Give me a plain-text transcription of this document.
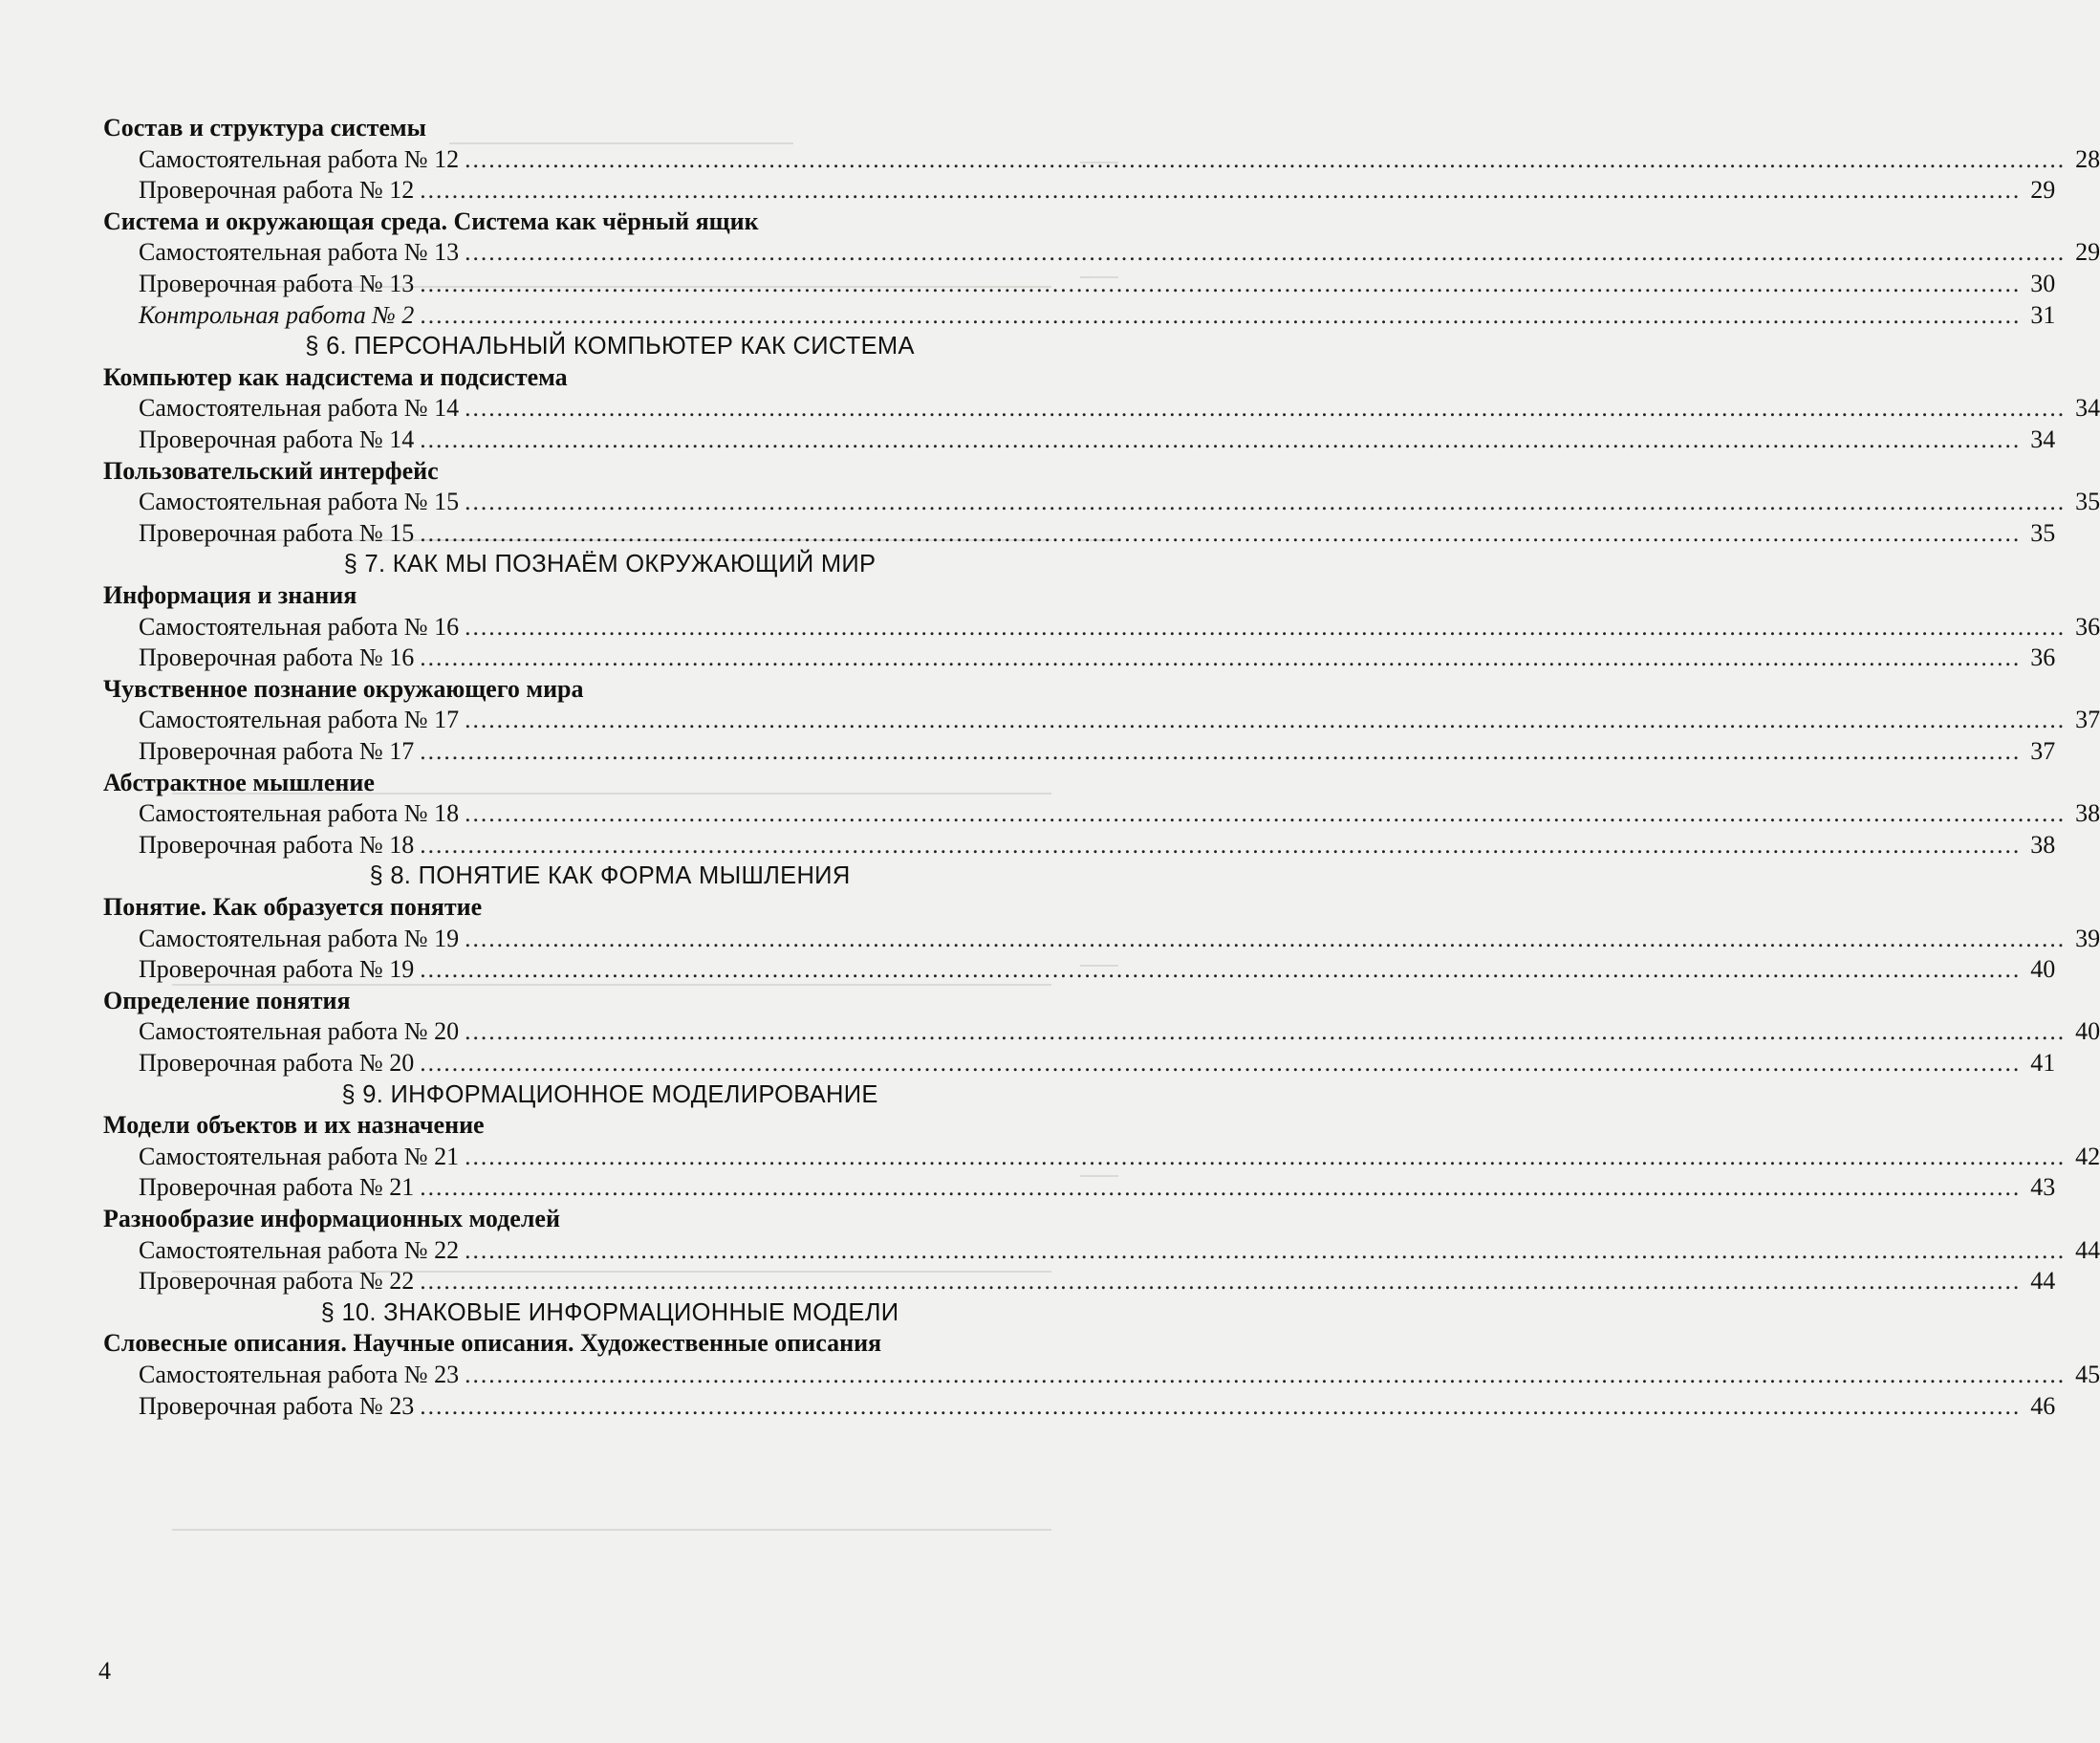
Состав и структура системы
Самостоятельная работа № 12 ........................................................................................................................................................................................................ 28
Проверочная работа № 12 ........................................................................................................................................................................................................ 29
Система и окружающая среда. Система как чёрный ящик
Самостоятельная работа № 13 ........................................................................................................................................................................................................ 29
Проверочная работа № 13 ........................................................................................................................................................................................................ 30
Контрольная работа № 2 ........................................................................................................................................................................................................ 31
§ 6. ПЕРСОНАЛЬНЫЙ КОМПЬЮТЕР КАК СИСТЕМА
Компьютер как надсистема и подсистема
Самостоятельная работа № 14 ........................................................................................................................................................................................................ 34
Проверочная работа № 14 ........................................................................................................................................................................................................ 34
Пользовательский интерфейс
Самостоятельная работа № 15 ........................................................................................................................................................................................................ 35
Проверочная работа № 15 ........................................................................................................................................................................................................ 35
§ 7. КАК МЫ ПОЗНАЁМ ОКРУЖАЮЩИЙ МИР
Информация и знания
Самостоятельная работа № 16 ........................................................................................................................................................................................................ 36
Проверочная работа № 16 ........................................................................................................................................................................................................ 36
Чувственное познание окружающего мира
Самостоятельная работа № 17 ........................................................................................................................................................................................................ 37
Проверочная работа № 17 ........................................................................................................................................................................................................ 37
Абстрактное мышление
Самостоятельная работа № 18 ........................................................................................................................................................................................................ 38
Проверочная работа № 18 ........................................................................................................................................................................................................ 38
§ 8. ПОНЯТИЕ КАК ФОРМА МЫШЛЕНИЯ
Понятие. Как образуется понятие
Самостоятельная работа № 19 ........................................................................................................................................................................................................ 39
Проверочная работа № 19 ........................................................................................................................................................................................................ 40
Определение понятия
Самостоятельная работа № 20 ........................................................................................................................................................................................................ 40
Проверочная работа № 20 ........................................................................................................................................................................................................ 41
§ 9. ИНФОРМАЦИОННОЕ МОДЕЛИРОВАНИЕ
Модели объектов и их назначение
Самостоятельная работа № 21 ........................................................................................................................................................................................................ 42
Проверочная работа № 21 ........................................................................................................................................................................................................ 43
Разнообразие информационных моделей
Самостоятельная работа № 22 ........................................................................................................................................................................................................ 44
Проверочная работа № 22 ........................................................................................................................................................................................................ 44
§ 10. ЗНАКОВЫЕ ИНФОРМАЦИОННЫЕ МОДЕЛИ
Словесные описания. Научные описания. Художественные описания
Самостоятельная работа № 23 ........................................................................................................................................................................................................ 45
Проверочная работа № 23 ........................................................................................................................................................................................................ 46
4
